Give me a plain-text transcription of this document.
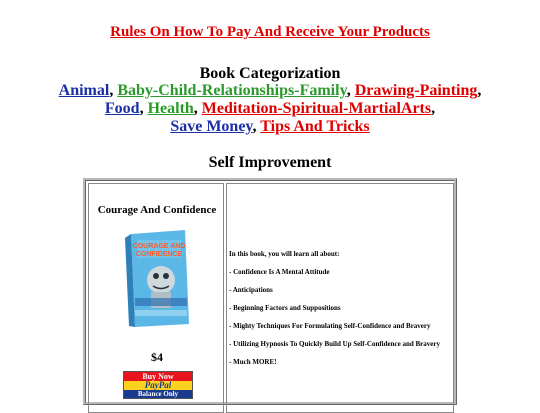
Rules On How To Pay And Receive Your Products
Book Categorization
Animal, Baby-Child-Relationships-Family, Drawing-Painting,
Food, Health, Meditation-Spiritual-MartialArts,
Save Money, Tips And Tricks
Self Improvement
Courage And Confidence
COURAGE AND
CONFIDENCE
$4
Buy Now
PayPal
Balance Only

In this book, you will learn all about:

- Confidence Is A Mental Attitude

- Anticipations

- Beginning Factors and Suppositions

- Mighty Techniques For Formulating Self-Confidence and Bravery

- Utilizing Hypnosis To Quickly Build Up Self-Confidence and Bravery

- Much MORE!
